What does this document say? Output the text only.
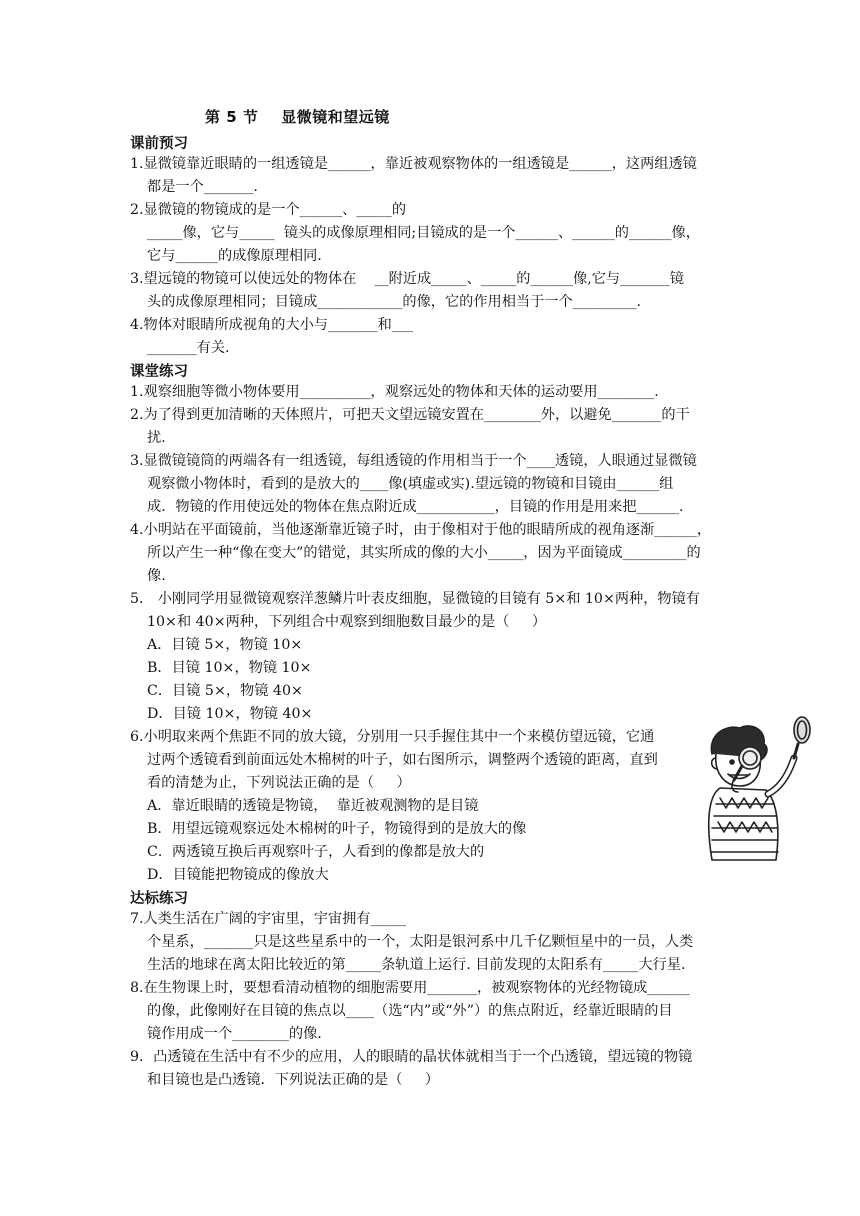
第 5 节    显微镜和望远镜
课前预习
1.显微镜靠近眼睛的一组透镜是______，靠近被观察物体的一组透镜是______，这两组透镜
都是一个_______.
2.显微镜的物镜成的是一个______、_____的
_____像，它与_____  镜头的成像原理相同;目镜成的是一个______、______的______像，
它与______的成像原理相同.
3.望远镜的物镜可以使远处的物体在    __附近成_____、_____的______像,它与_______镜
头的成像原理相同；目镜成____________的像，它的作用相当于一个_________.
4.物体对眼睛所成视角的大小与_______和___
_______有关.
课堂练习
1.观察细胞等微小物体要用__________，观察远处的物体和天体的运动要用________.
2.为了得到更加清晰的天体照片，可把天文望远镜安置在________外，以避免_______的干
扰.
3.显微镜镜筒的两端各有一组透镜，每组透镜的作用相当于一个____透镜，人眼通过显微镜
观察微小物体时，看到的是放大的____像(填虚或实).望远镜的物镜和目镜由______组
成．物镜的作用使远处的物体在焦点附近成___________，目镜的作用是用来把______.
4.小明站在平面镜前，当他逐渐靠近镜子时，由于像相对于他的眼睛所成的视角逐渐______，
所以产生一种“像在变大”的错觉，其实所成的像的大小_____，因为平面镜成_________的
像.
5． 小刚同学用显微镜观察洋葱鳞片叶表皮细胞，显微镜的目镜有 5×和 10×两种，物镜有
10×和 40×两种，下列组合中观察到细胞数目最少的是（     ）
A．目镜 5×，物镜 10×
B．目镜 10×，物镜 10×
C．目镜 5×，物镜 40×
D．目镜 10×，物镜 40×
6.小明取来两个焦距不同的放大镜，分别用一只手握住其中一个来模仿望远镜，它通
过两个透镜看到前面远处木棉树的叶子，如右图所示，调整两个透镜的距离，直到
看的清楚为止，下列说法正确的是（     ）
A．靠近眼睛的透镜是物镜，  靠近被观测物的是目镜
B．用望远镜观察远处木棉树的叶子，物镜得到的是放大的像
C．两透镜互换后再观察叶子，人看到的像都是放大的
D．目镜能把物镜成的像放大
达标练习
7.人类生活在广阔的宇宙里，宇宙拥有_____
个星系，_______只是这些星系中的一个，太阳是银河系中几千亿颗恒星中的一员，人类
生活的地球在离太阳比较近的第_____条轨道上运行. 目前发现的太阳系有_____大行星.
8.在生物课上时，要想看清动植物的细胞需要用_______，被观察物体的光经物镜成______
的像，此像刚好在目镜的焦点以____（选“内”或“外”）的焦点附近，经靠近眼睛的目
镜作用成一个________的像.
9．凸透镜在生活中有不少的应用，人的眼睛的晶状体就相当于一个凸透镜，望远镜的物镜
和目镜也是凸透镜．下列说法正确的是（     ）
